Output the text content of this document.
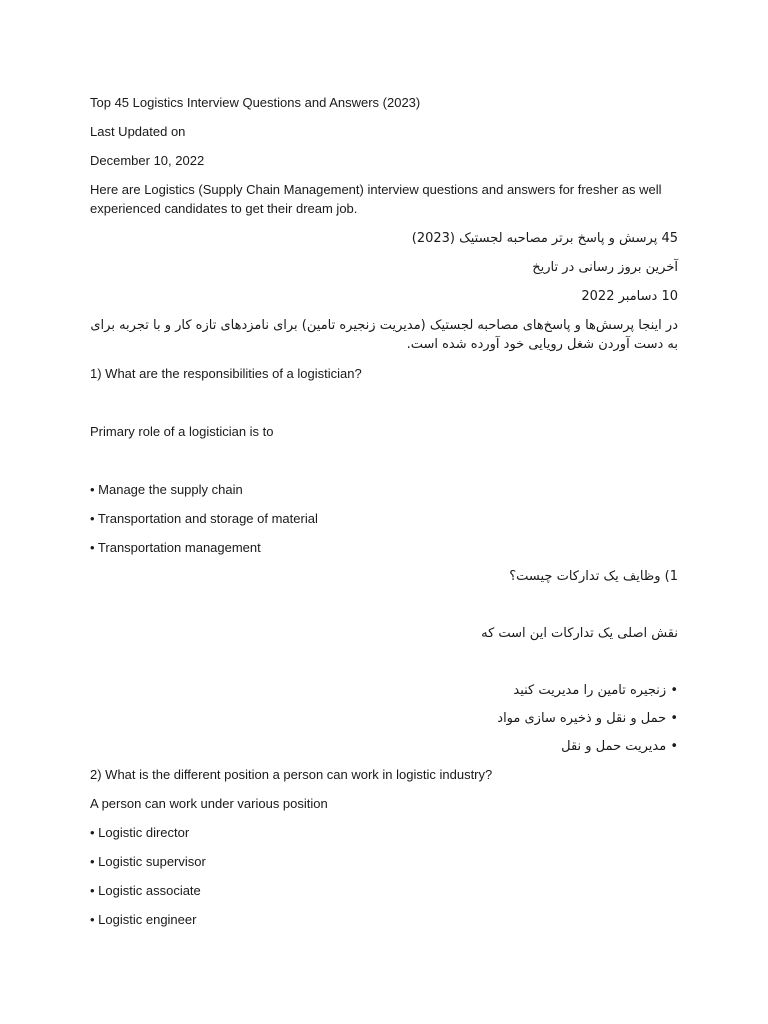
Top 45 Logistics Interview Questions and Answers (2023)
Last Updated on
December 10, 2022
Here are Logistics (Supply Chain Management) interview questions and answers for fresher as well experienced candidates to get their dream job.
45 پرسش و پاسخ برتر مصاحبه لجستیک (2023)
آخرین بروز رسانی در تاریخ
10 دسامبر 2022
در اینجا پرسش‌ها و پاسخ‌های مصاحبه لجستیک (مدیریت زنجیره تامین) برای نامزدهای تازه کار و با تجربه برای به دست آوردن شغل رویایی خود آورده شده است.
1) What are the responsibilities of a logistician?
Primary role of a logistician is to
• Manage the supply chain
• Transportation and storage of material
• Transportation management
1) وظایف یک تدارکات چیست؟
نقش اصلی یک تدارکات این است که
• زنجیره تامین را مدیریت کنید
• حمل و نقل و ذخیره سازی مواد
• مدیریت حمل و نقل
2) What is the different position a person can work in logistic industry?
A person can work under various position
• Logistic director
• Logistic supervisor
• Logistic associate
• Logistic engineer
